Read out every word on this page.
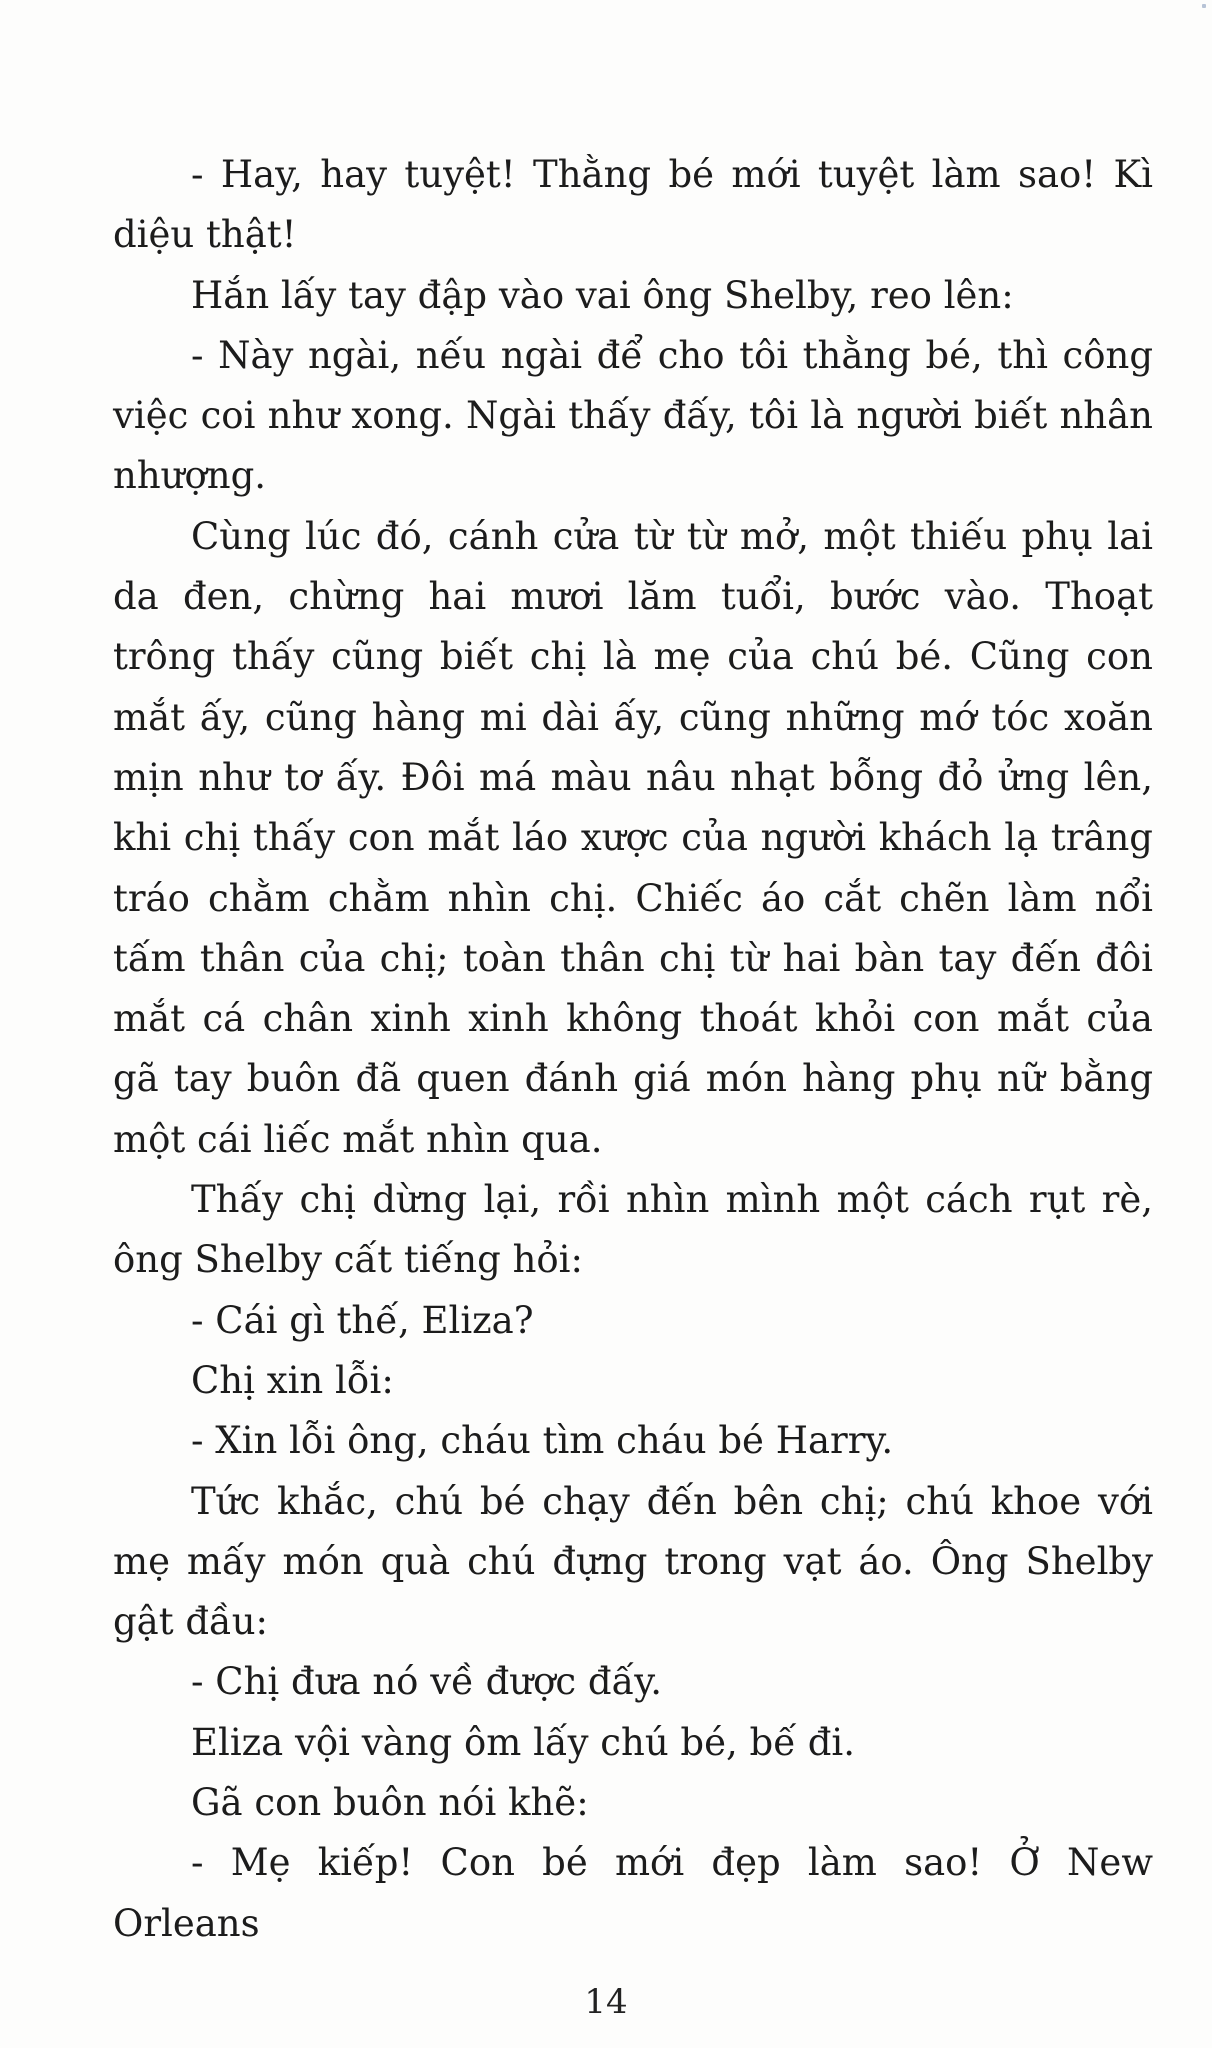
- Hay, hay tuyệt! Thằng bé mới tuyệt làm sao! Kì diệu thật!

Hắn lấy tay đập vào vai ông Shelby, reo lên:

- Này ngài, nếu ngài để cho tôi thằng bé, thì công việc coi như xong. Ngài thấy đấy, tôi là người biết nhân nhượng.

Cùng lúc đó, cánh cửa từ từ mở, một thiếu phụ lai da đen, chừng hai mươi lăm tuổi, bước vào. Thoạt trông thấy cũng biết chị là mẹ của chú bé. Cũng con mắt ấy, cũng hàng mi dài ấy, cũng những mớ tóc xoăn mịn như tơ ấy. Đôi má màu nâu nhạt bỗng đỏ ửng lên, khi chị thấy con mắt láo xược của người khách lạ trâng tráo chằm chằm nhìn chị. Chiếc áo cắt chẽn làm nổi tấm thân của chị; toàn thân chị từ hai bàn tay đến đôi mắt cá chân xinh xinh không thoát khỏi con mắt của gã tay buôn đã quen đánh giá món hàng phụ nữ bằng một cái liếc mắt nhìn qua.

Thấy chị dừng lại, rồi nhìn mình một cách rụt rè, ông Shelby cất tiếng hỏi:

- Cái gì thế, Eliza?

Chị xin lỗi:

- Xin lỗi ông, cháu tìm cháu bé Harry.

Tức khắc, chú bé chạy đến bên chị; chú khoe với mẹ mấy món quà chú đựng trong vạt áo. Ông Shelby gật đầu:

- Chị đưa nó về được đấy.

Eliza vội vàng ôm lấy chú bé, bế đi.

Gã con buôn nói khẽ:

- Mẹ kiếp! Con bé mới đẹp làm sao! Ở New Orleans

14
